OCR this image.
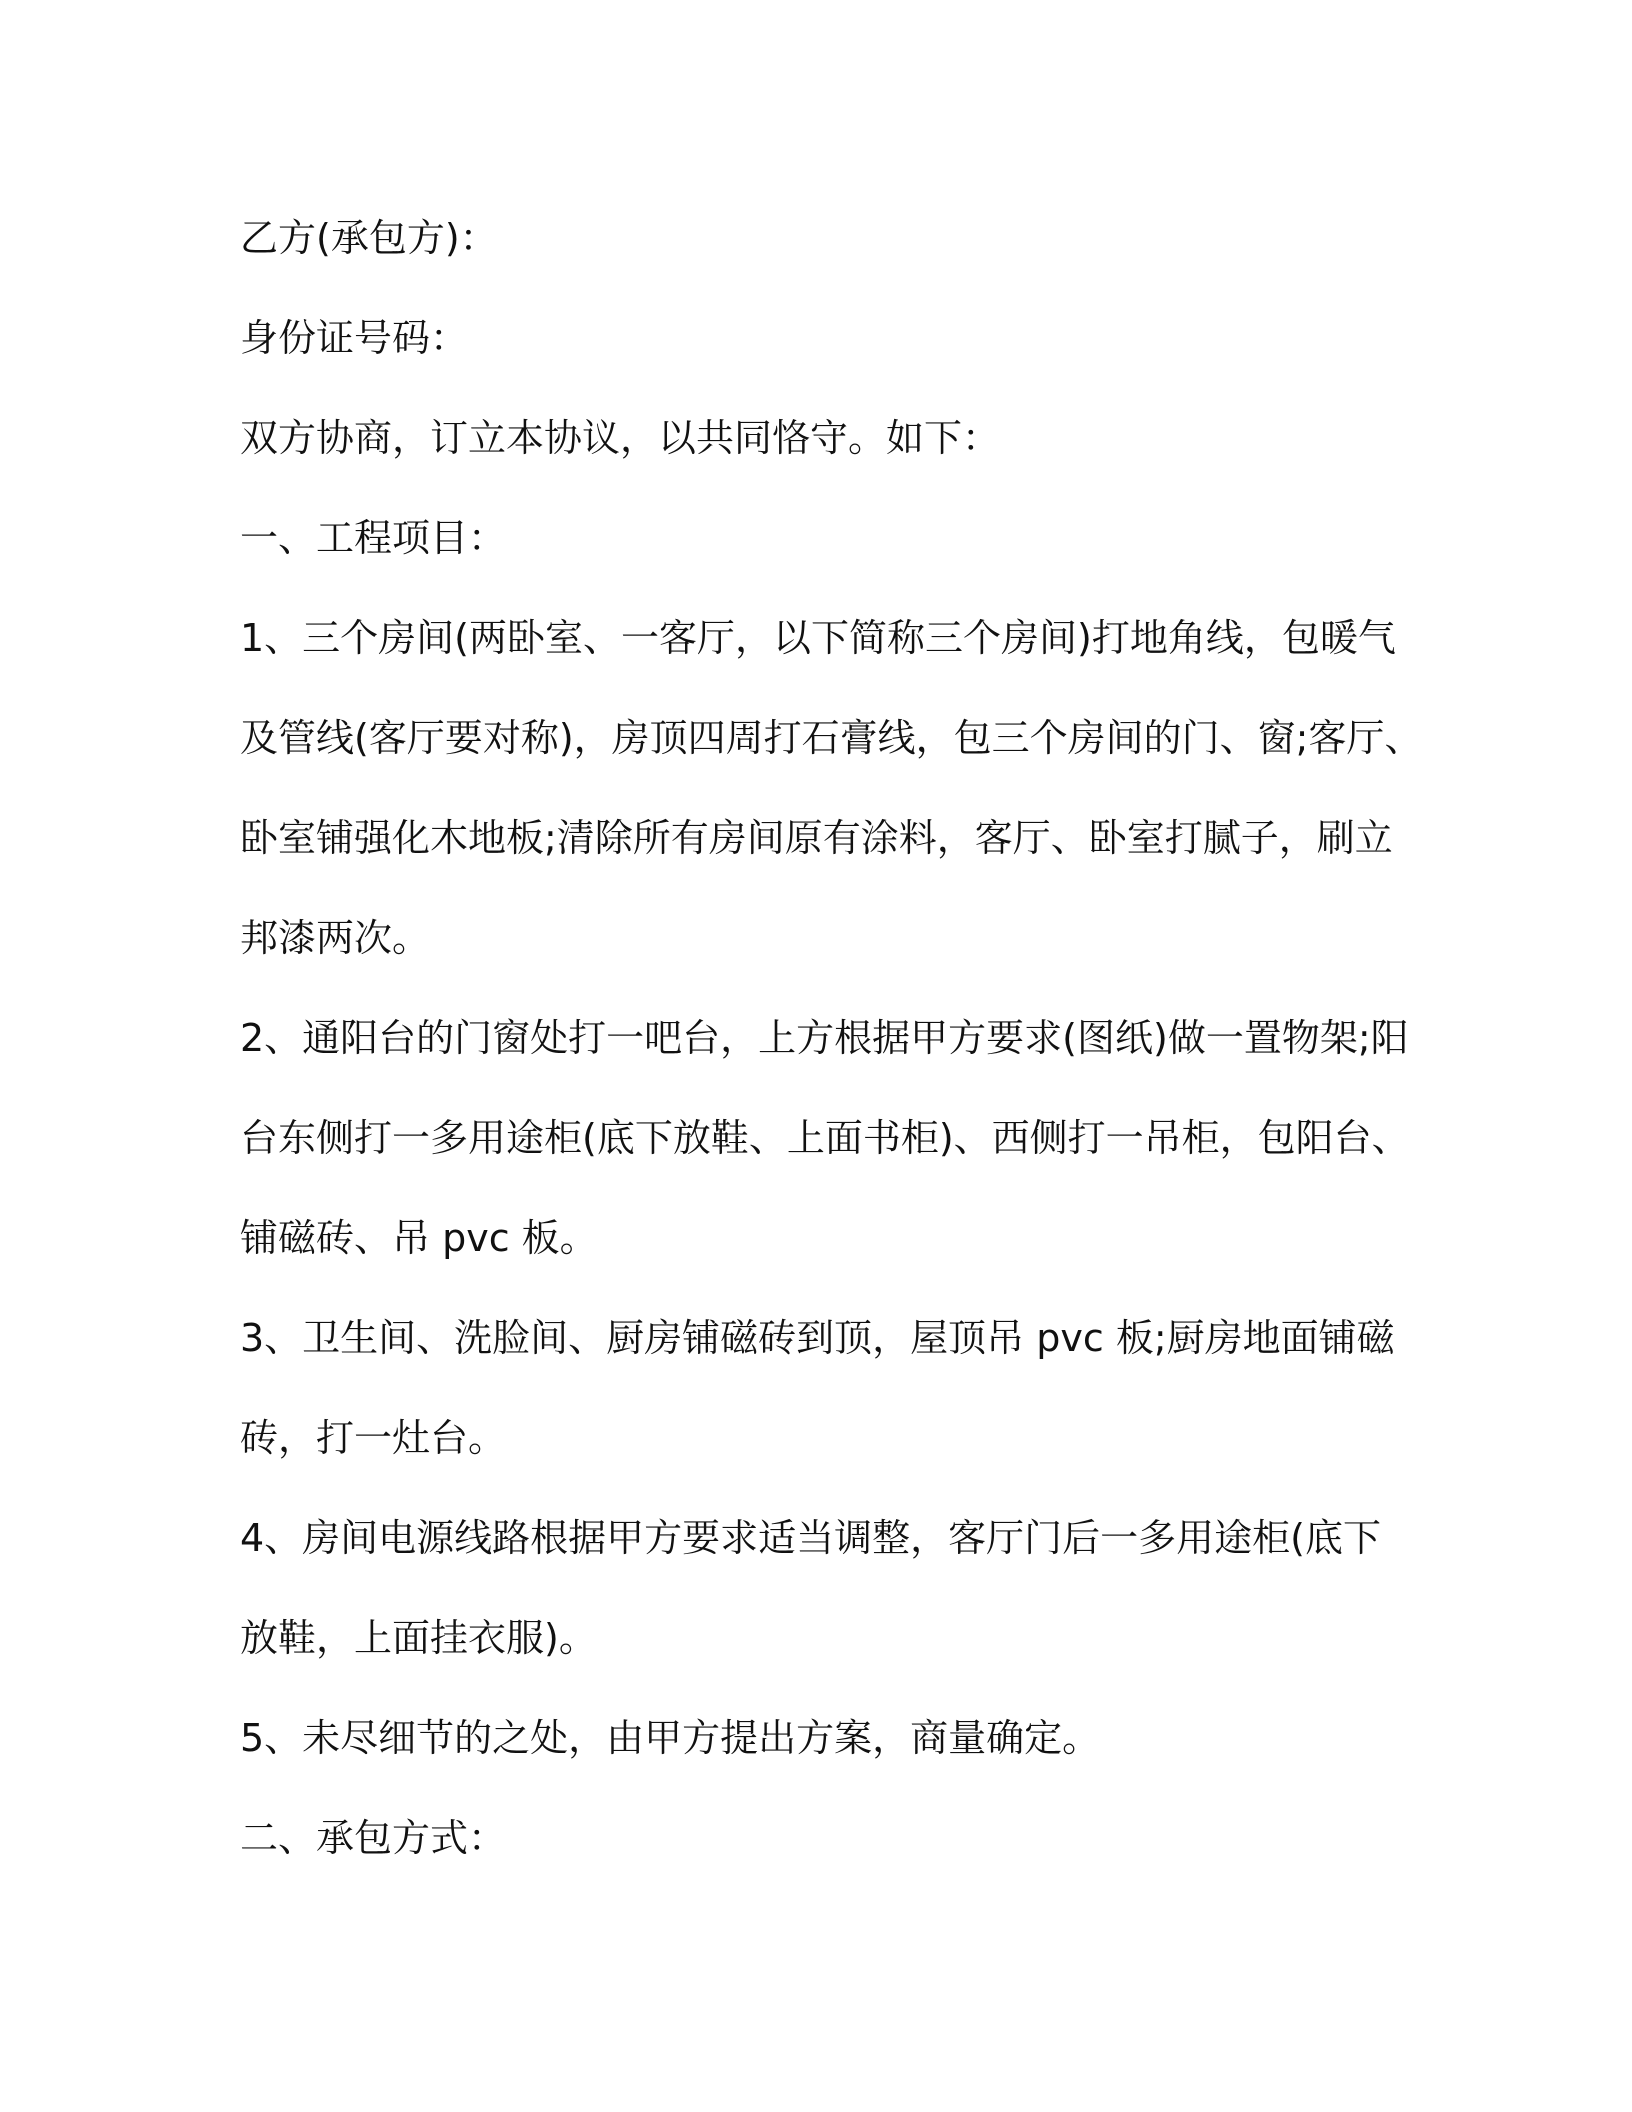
乙方(承包方)：
身份证号码：
双方协商，订立本协议，以共同恪守。如下：
一、工程项目：
1、三个房间(两卧室、一客厅，以下简称三个房间)打地角线，包暖气
及管线(客厅要对称)，房顶四周打石膏线，包三个房间的门、窗;客厅、
卧室铺强化木地板;清除所有房间原有涂料，客厅、卧室打腻子，刷立
邦漆两次。
2、通阳台的门窗处打一吧台，上方根据甲方要求(图纸)做一置物架;阳
台东侧打一多用途柜(底下放鞋、上面书柜)、西侧打一吊柜，包阳台、
铺磁砖、吊 pvc 板。
3、卫生间、洗脸间、厨房铺磁砖到顶，屋顶吊 pvc 板;厨房地面铺磁
砖，打一灶台。
4、房间电源线路根据甲方要求适当调整，客厅门后一多用途柜(底下
放鞋，上面挂衣服)。
5、未尽细节的之处，由甲方提出方案，商量确定。
二、承包方式：
